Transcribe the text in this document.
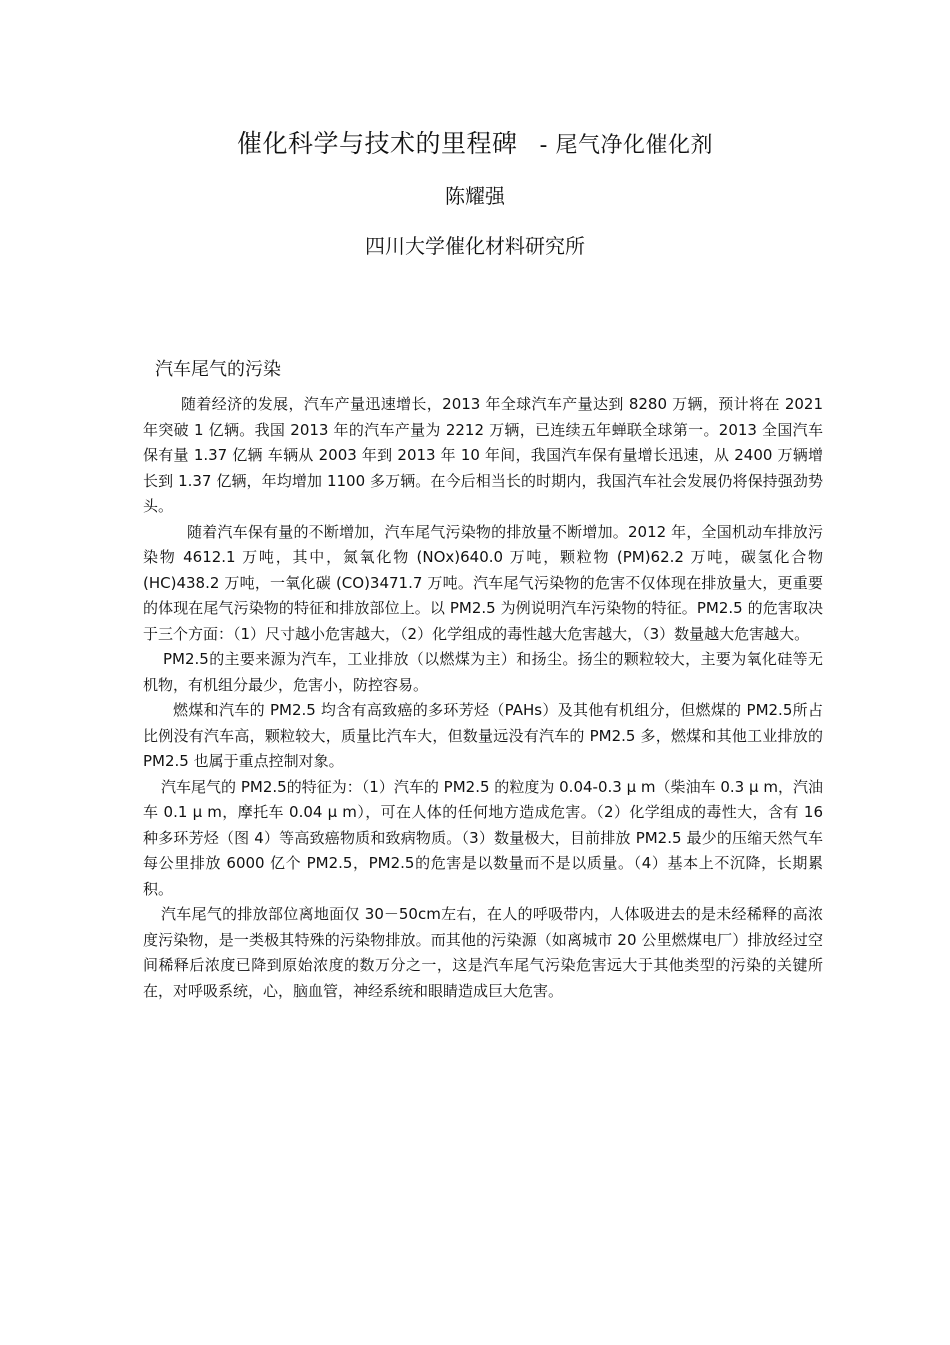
催化科学与技术的里程碑 - 尾气净化催化剂
陈耀强
四川大学催化材料研究所
汽车尾气的污染

随着经济的发展，汽车产量迅速增长，2013 年全球汽车产量达到 8280 万辆，预计将在 2021 年突破 1 亿辆。我国 2013 年的汽车产量为 2212 万辆，已连续五年蝉联全球第一。2013 全国汽车保有量 1.37 亿辆 车辆从 2003 年到 2013 年 10 年间，我国汽车保有量增长迅速，从 2400 万辆增长到 1.37 亿辆，年均增加 1100 多万辆。在今后相当长的时期内，我国汽车社会发展仍将保持强劲势头。

随着汽车保有量的不断增加，汽车尾气污染物的排放量不断增加。2012 年，全国机动车排放污染物 4612.1 万吨，其中，氮氧化物 (NOx)640.0 万吨，颗粒物 (PM)62.2 万吨，碳氢化合物 (HC)438.2 万吨，一氧化碳 (CO)3471.7 万吨。汽车尾气污染物的危害不仅体现在排放量大，更重要的体现在尾气污染物的特征和排放部位上。以 PM2.5 为例说明汽车污染物的特征。PM2.5 的危害取决于三个方面：（1）尺寸越小危害越大，（2）化学组成的毒性越大危害越大，（3）数量越大危害越大。

PM2.5的主要来源为汽车，工业排放（以燃煤为主）和扬尘。扬尘的颗粒较大，主要为氧化硅等无机物，有机组分最少，危害小，防控容易。

燃煤和汽车的 PM2.5 均含有高致癌的多环芳烃（PAHs）及其他有机组分，但燃煤的 PM2.5所占比例没有汽车高，颗粒较大，质量比汽车大，但数量远没有汽车的 PM2.5 多，燃煤和其他工业排放的 PM2.5 也属于重点控制对象。

汽车尾气的 PM2.5的特征为：（1）汽车的 PM2.5 的粒度为 0.04-0.3 μ m（柴油车 0.3 μ m，汽油车 0.1 μ m，摩托车 0.04 μ m），可在人体的任何地方造成危害。（2）化学组成的毒性大，含有 16 种多环芳烃（图 4）等高致癌物质和致病物质。（3）数量极大，目前排放 PM2.5 最少的压缩天然气车每公里排放 6000 亿个 PM2.5，PM2.5的危害是以数量而不是以质量。（4）基本上不沉降，长期累积。

汽车尾气的排放部位离地面仅 30－50cm左右，在人的呼吸带内，人体吸进去的是未经稀释的高浓度污染物，是一类极其特殊的污染物排放。而其他的污染源（如离城市 20 公里燃煤电厂）排放经过空间稀释后浓度已降到原始浓度的数万分之一，这是汽车尾气污染危害远大于其他类型的污染的关键所在，对呼吸系统，心，脑血管，神经系统和眼睛造成巨大危害。
